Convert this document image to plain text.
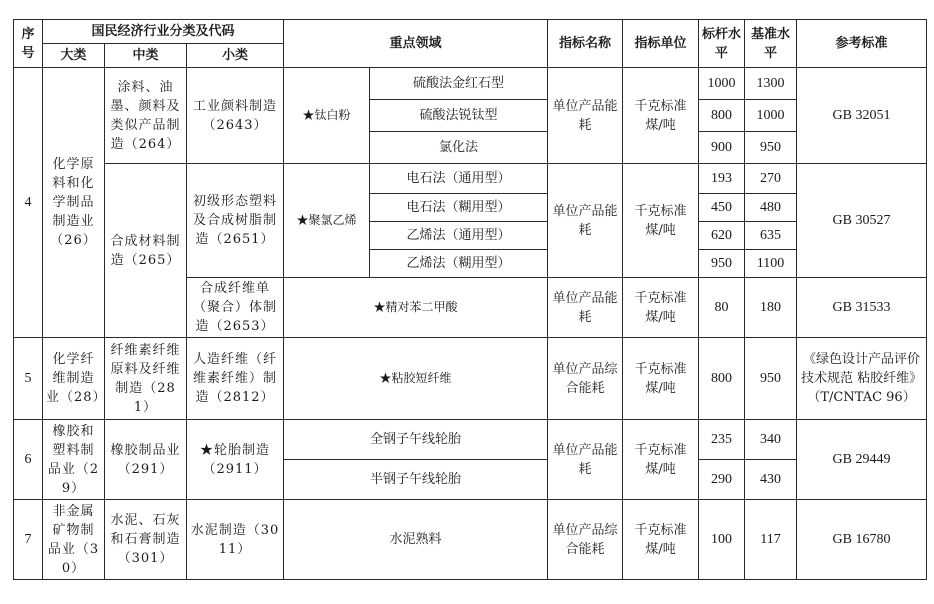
序号	国民经济行业分类及代码			重点领域		指标名称	指标单位	标杆水平	基准水平	参考标准
	大类	中类	小类							
4	化学原料和化学制品制造业（26）	涂料、油墨、颜料及类似产品制造（264）	工业颜料制造（2643）	★钛白粉	硫酸法金红石型	单位产品能耗	千克标准煤/吨	1000	1300	GB 32051
					硫酸法锐钛型			800	1000	
					氯化法			900	950	
		合成材料制造（265）	初级形态塑料及合成树脂制造（2651）	★聚氯乙烯	电石法（通用型）	单位产品能耗	千克标准煤/吨	193	270	GB 30527
					电石法（糊用型）			450	480	
					乙烯法（通用型）			620	635	
					乙烯法（糊用型）			950	1100	
			合成纤维单（聚合）体制造（2653）	★精对苯二甲酸		单位产品能耗	千克标准煤/吨	80	180	GB 31533
5	化学纤维制造业（28）	纤维素纤维原料及纤维制造（281）	人造纤维（纤维素纤维）制造（2812）	★粘胶短纤维		单位产品综合能耗	千克标准煤/吨	800	950	《绿色设计产品评价技术规范 粘胶纤维》（T/CNTAC 96）
6	橡胶和塑料制品业（29）	橡胶制品业（291）	★轮胎制造（2911）	全钢子午线轮胎		单位产品能耗	千克标准煤/吨	235	340	GB 29449
				半钢子午线轮胎				290	430	
7	非金属矿物制品业（30）	水泥、石灰和石膏制造（301）	水泥制造（3011）	水泥熟料		单位产品综合能耗	千克标准煤/吨	100	117	GB 16780
